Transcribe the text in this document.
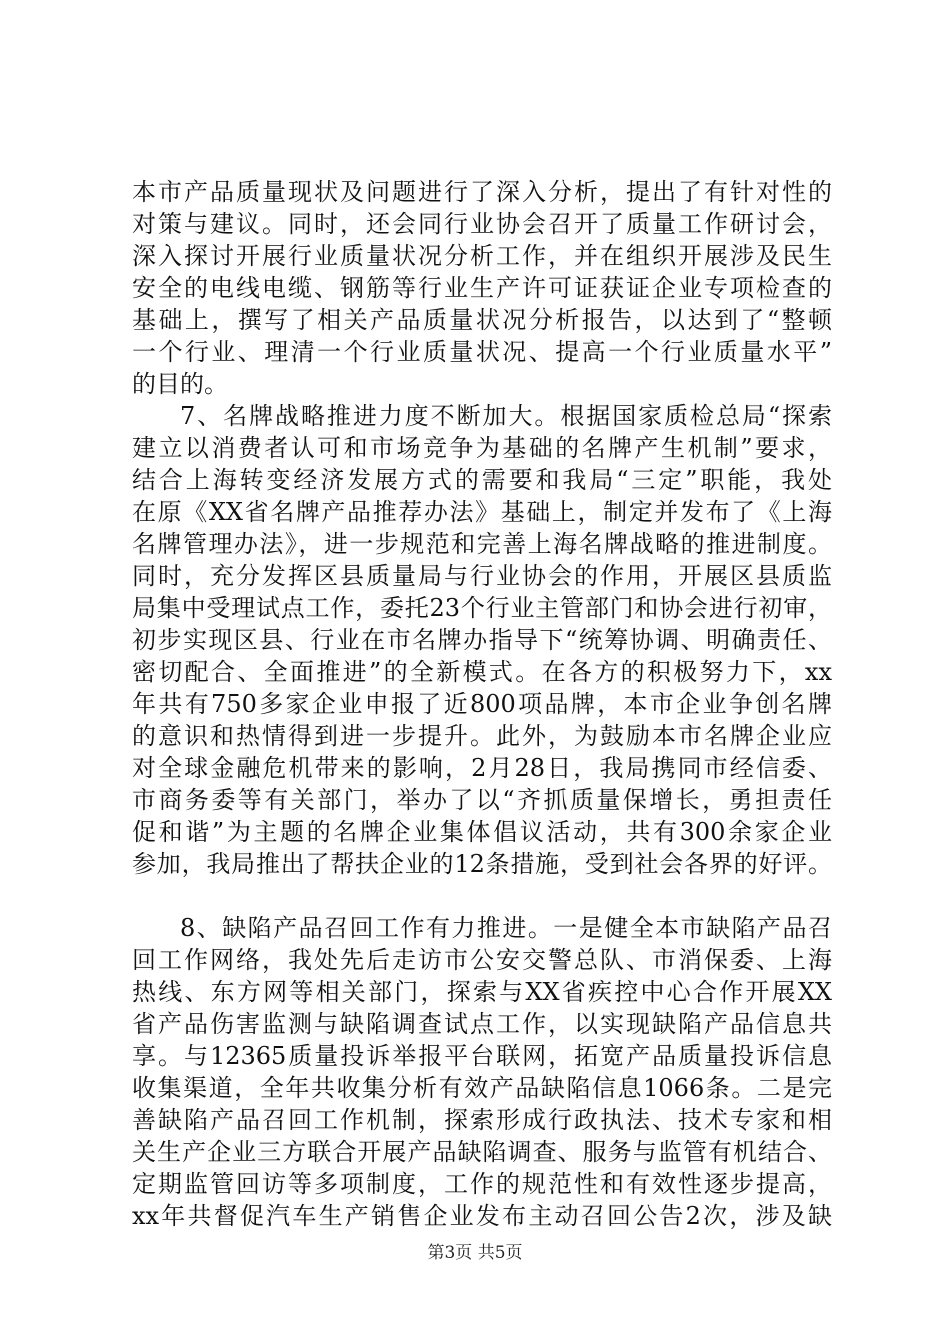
本市产品质量现状及问题进行了深入分析，提出了有针对性的
对策与建议。同时，还会同行业协会召开了质量工作研讨会，
深入探讨开展行业质量状况分析工作，并在组织开展涉及民生
安全的电线电缆、钢筋等行业生产许可证获证企业专项检查的
基础上，撰写了相关产品质量状况分析报告，以达到了“整顿
一个行业、理清一个行业质量状况、提高一个行业质量水平”
的目的。
7、名牌战略推进力度不断加大。根据国家质检总局“探索
建立以消费者认可和市场竞争为基础的名牌产生机制”要求，
结合上海转变经济发展方式的需要和我局“三定”职能，我处
在原《XX省名牌产品推荐办法》基础上，制定并发布了《上海
名牌管理办法》，进一步规范和完善上海名牌战略的推进制度。
同时，充分发挥区县质量局与行业协会的作用，开展区县质监
局集中受理试点工作，委托23个行业主管部门和协会进行初审，
初步实现区县、行业在市名牌办指导下“统筹协调、明确责任、
密切配合、全面推进”的全新模式。在各方的积极努力下，xx
年共有750多家企业申报了近800项品牌，本市企业争创名牌
的意识和热情得到进一步提升。此外，为鼓励本市名牌企业应
对全球金融危机带来的影响，2月28日，我局携同市经信委、
市商务委等有关部门，举办了以“齐抓质量保增长，勇担责任
促和谐”为主题的名牌企业集体倡议活动，共有300余家企业
参加，我局推出了帮扶企业的12条措施，受到社会各界的好评。
8、缺陷产品召回工作有力推进。一是健全本市缺陷产品召
回工作网络，我处先后走访市公安交警总队、市消保委、上海
热线、东方网等相关部门，探索与XX省疾控中心合作开展XX
省产品伤害监测与缺陷调查试点工作，以实现缺陷产品信息共
享。与12365质量投诉举报平台联网，拓宽产品质量投诉信息
收集渠道，全年共收集分析有效产品缺陷信息1066条。二是完
善缺陷产品召回工作机制，探索形成行政执法、技术专家和相
关生产企业三方联合开展产品缺陷调查、服务与监管有机结合、
定期监管回访等多项制度，工作的规范性和有效性逐步提高，
xx年共督促汽车生产销售企业发布主动召回公告2次，涉及缺
第3页 共5页
